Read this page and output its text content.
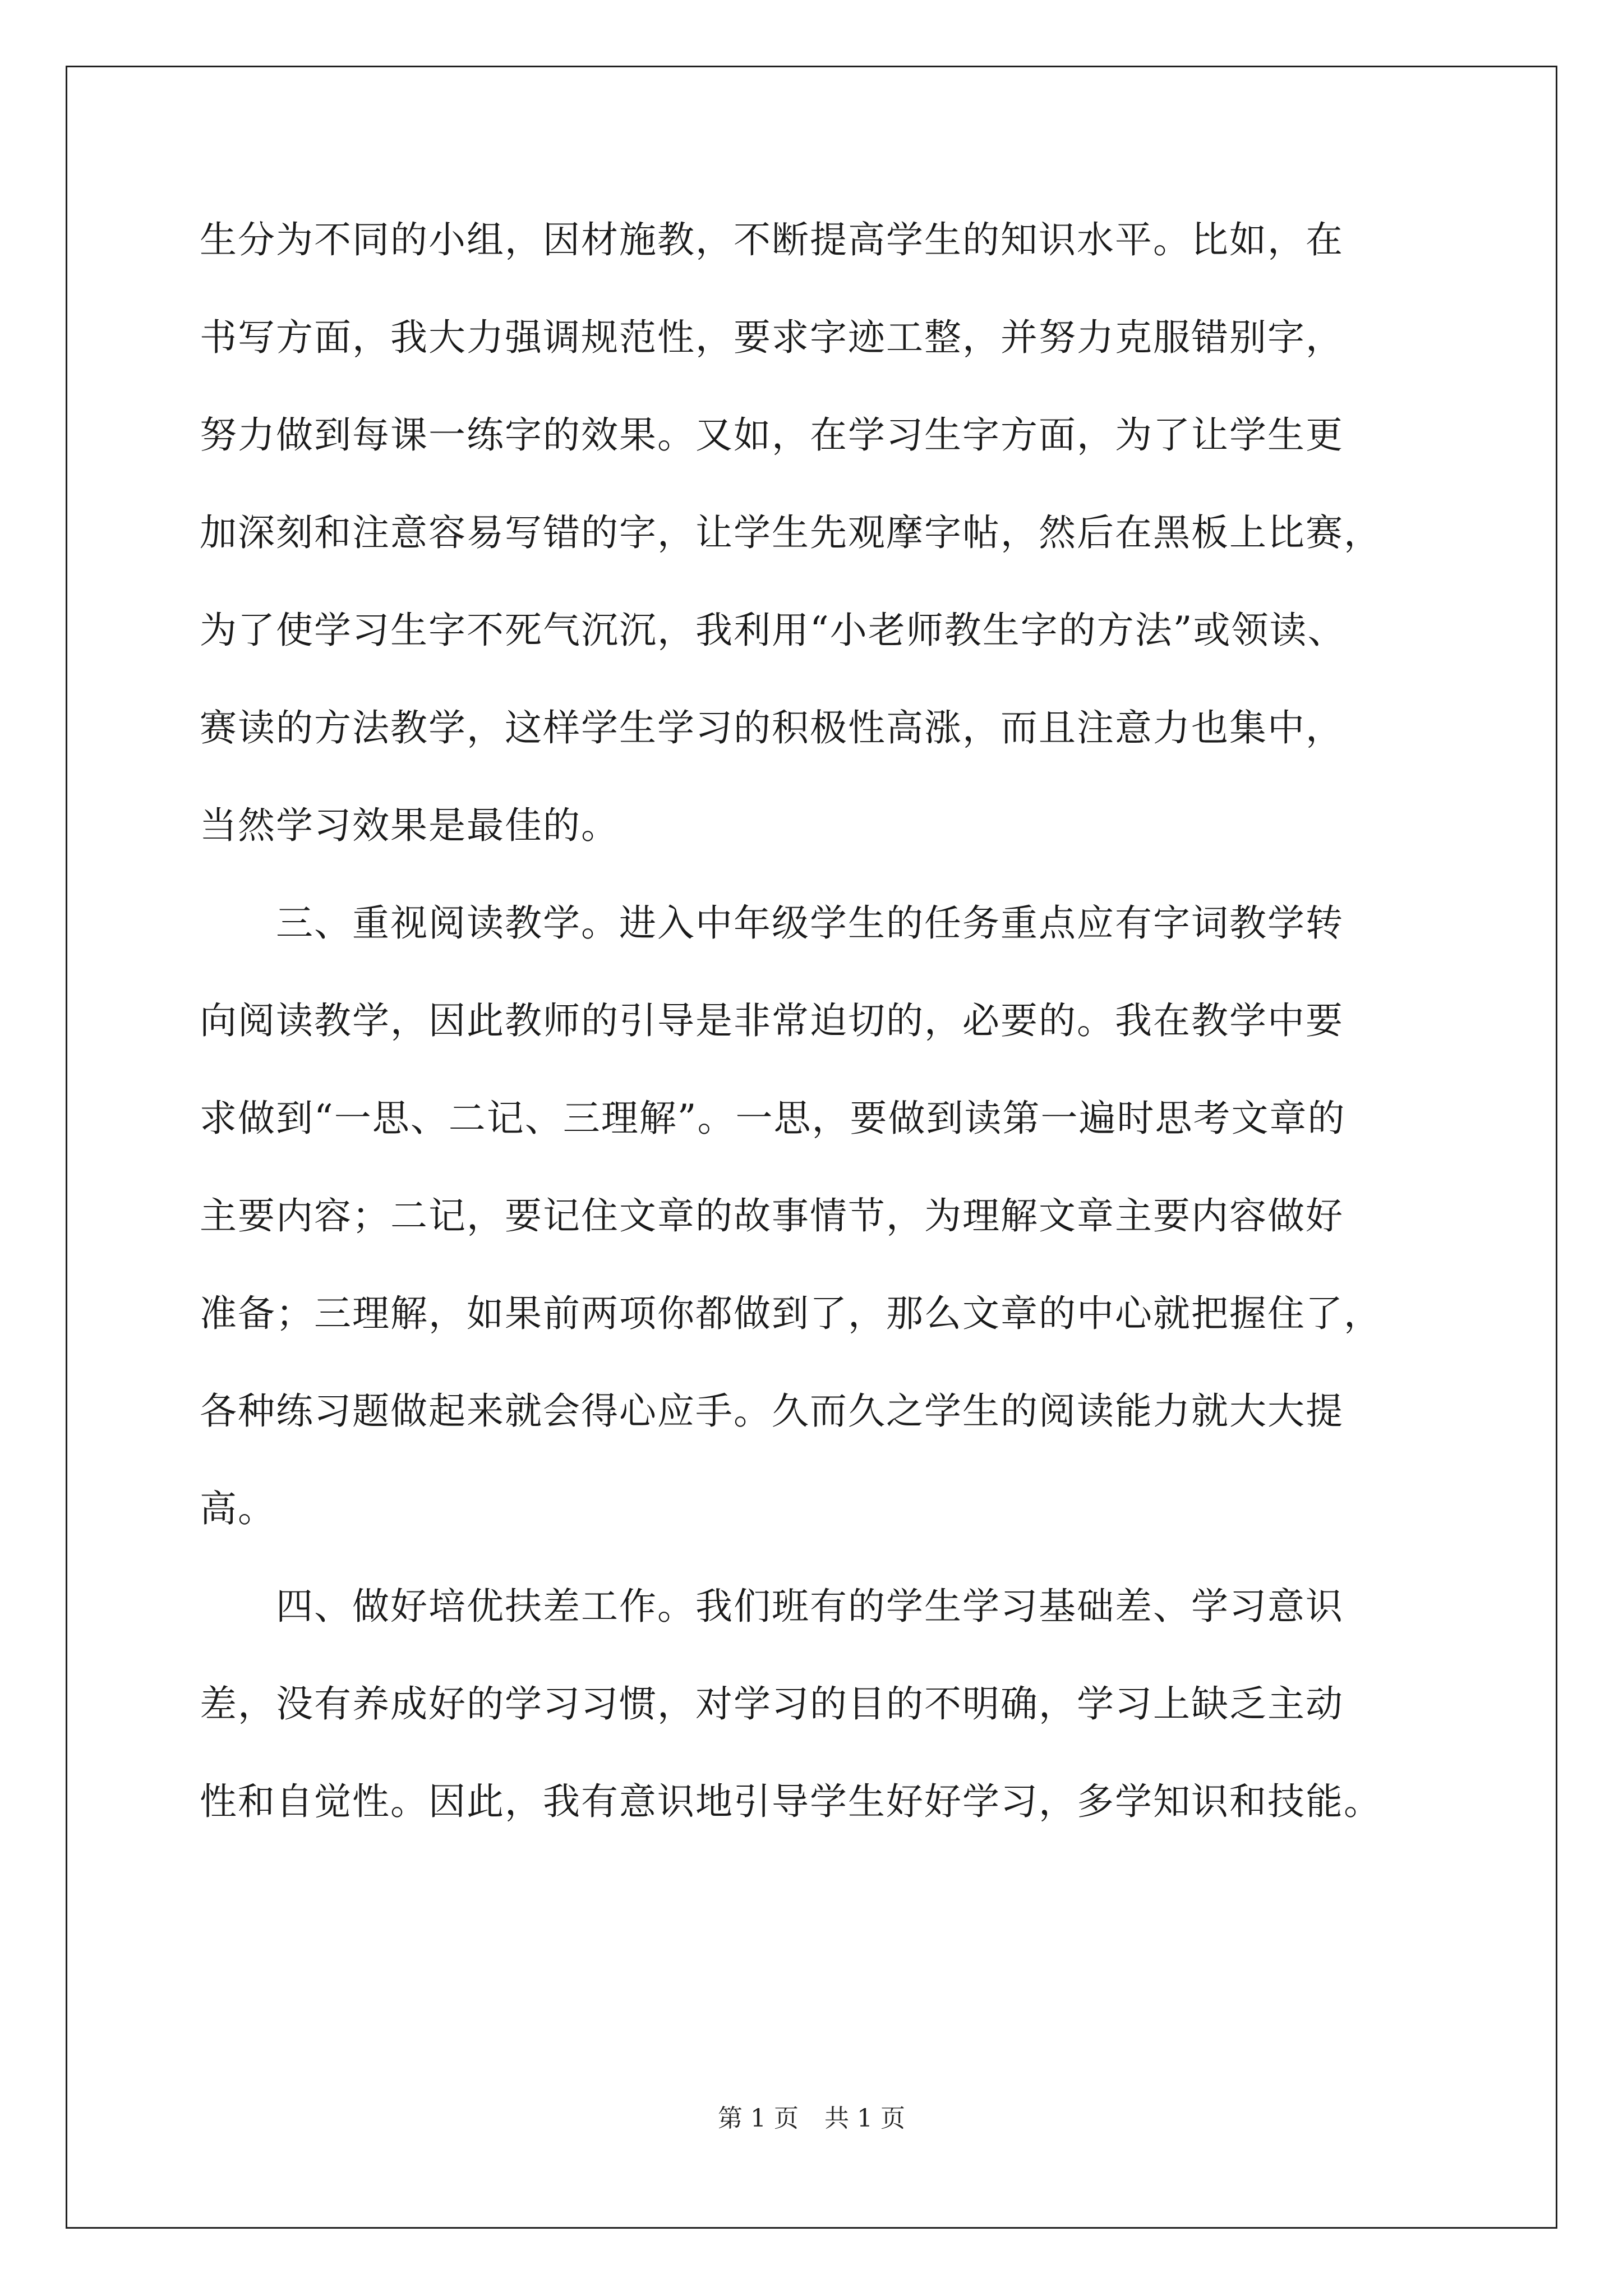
生分为不同的小组，因材施教，不断提高学生的知识水平。比如，在
书写方面，我大力强调规范性，要求字迹工整，并努力克服错别字，
努力做到每课一练字的效果。又如，在学习生字方面，为了让学生更
加深刻和注意容易写错的字，让学生先观摩字帖，然后在黑板上比赛，
为了使学习生字不死气沉沉，我利用“小老师教生字的方法”或领读、
赛读的方法教学，这样学生学习的积极性高涨，而且注意力也集中，
当然学习效果是最佳的。
　　三、重视阅读教学。进入中年级学生的任务重点应有字词教学转
向阅读教学，因此教师的引导是非常迫切的，必要的。我在教学中要
求做到“一思、二记、三理解”。一思，要做到读第一遍时思考文章的
主要内容；二记，要记住文章的故事情节，为理解文章主要内容做好
准备；三理解，如果前两项你都做到了，那么文章的中心就把握住了，
各种练习题做起来就会得心应手。久而久之学生的阅读能力就大大提
高。
　　四、做好培优扶差工作。我们班有的学生学习基础差、学习意识
差，没有养成好的学习习惯，对学习的目的不明确，学习上缺乏主动
性和自觉性。因此，我有意识地引导学生好好学习，多学知识和技能。
第 1 页 共 1 页
